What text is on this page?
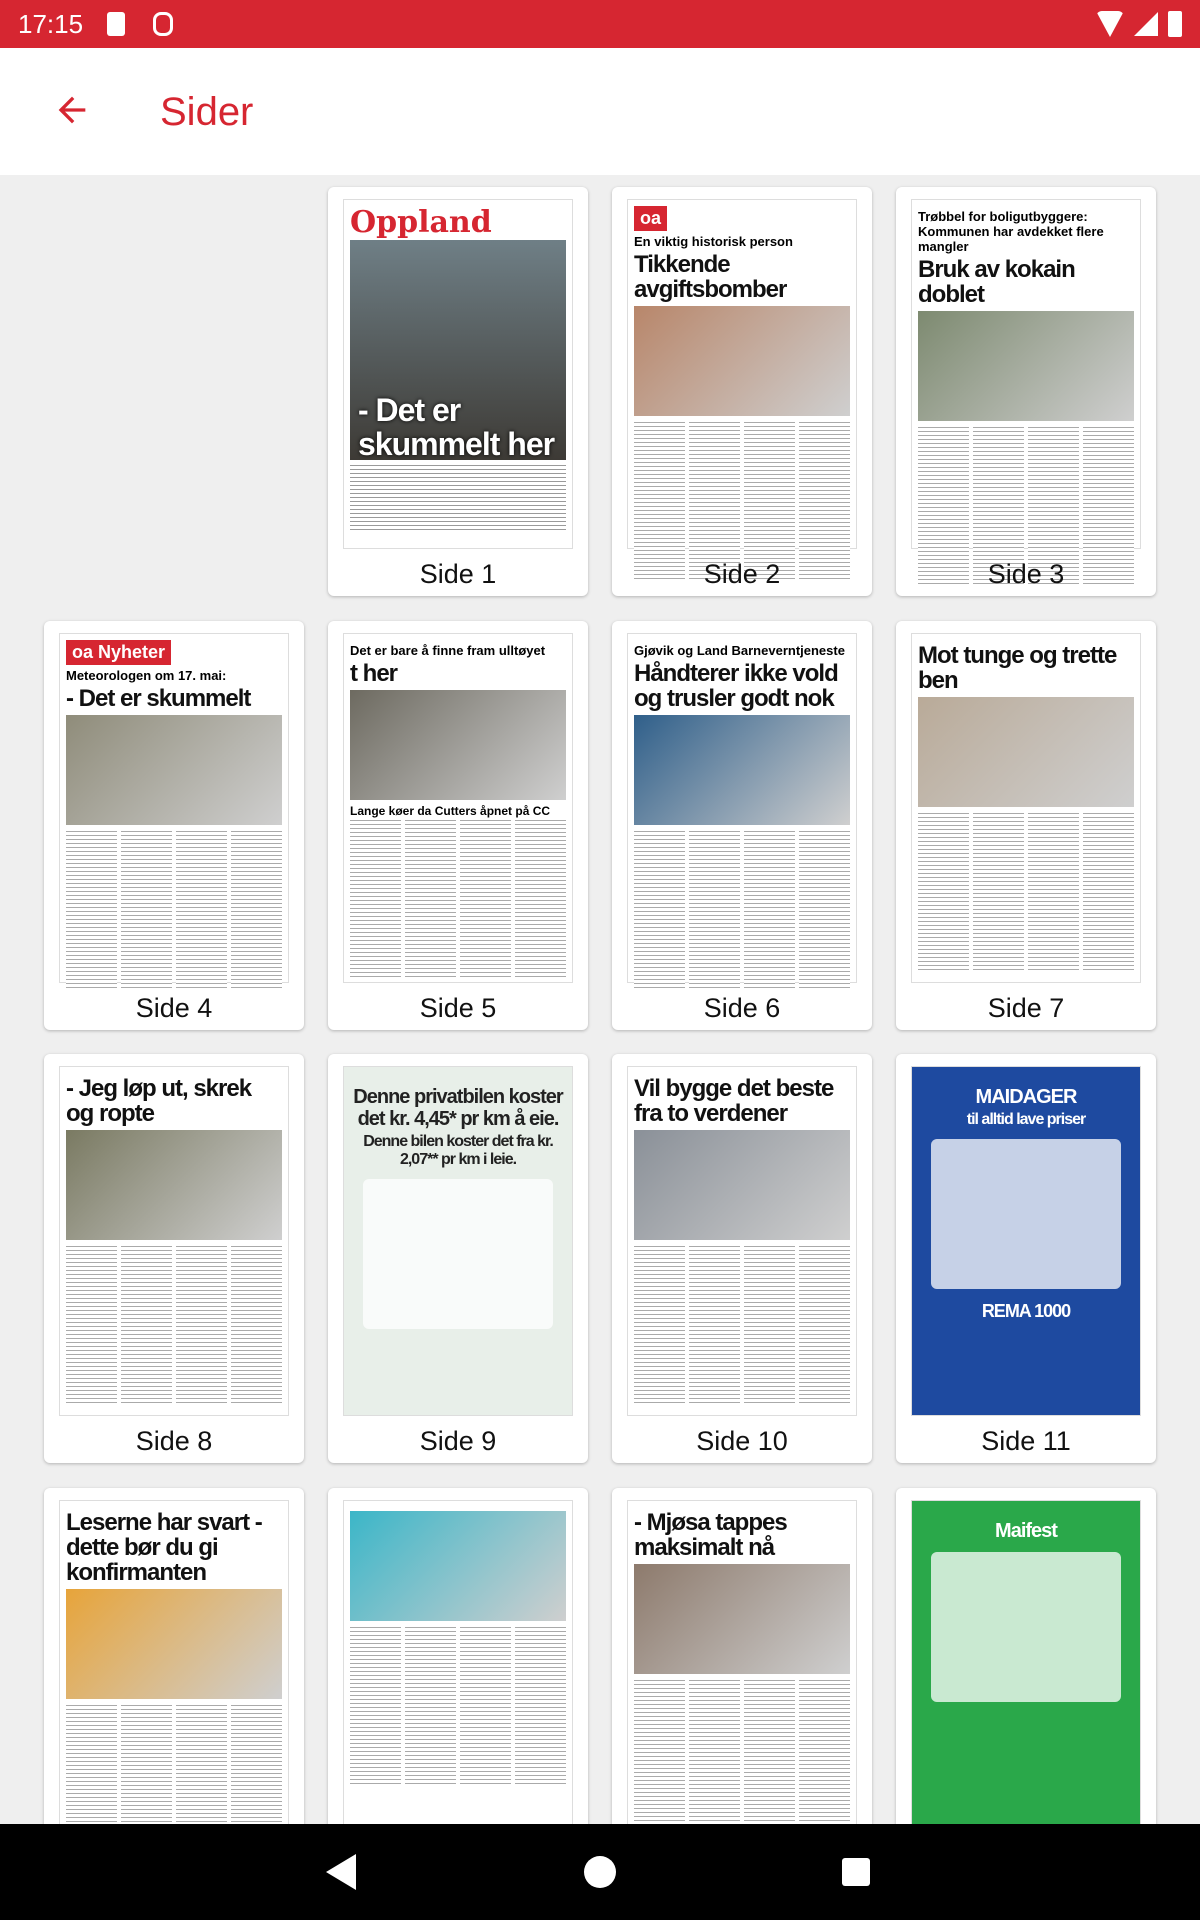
17:15
Sider
Oppland
- Det er skummelt her
Side 1
oa
En viktig historisk person
Tikkende avgiftsbomber
Side 2
Trøbbel for boligutbyggere: Kommunen har avdekket flere mangler
Bruk av kokain doblet
Side 3
oa Nyheter
Meteorologen om 17. mai:
- Det er skummelt
Side 4
Det er bare å finne fram ulltøyet
t her
Lange køer da Cutters åpnet på CC
Side 5
Gjøvik og Land Barneverntjeneste
Håndterer ikke vold og trusler godt nok
Side 6
Mot tunge og trette ben
Side 7
- Jeg løp ut, skrek og ropte
Side 8
Denne privatbilen koster det kr. 4,45* pr km å eie.
Denne bilen koster det fra kr. 2,07** pr km i leie.
Side 9
Vil bygge det beste fra to verdener
Side 10
MAIDAGER
til alltid lave priser
REMA 1000
Side 11
Leserne har svart - dette bør du gi konfirmanten
- Mjøsa tappes maksimalt nå
Maifest
